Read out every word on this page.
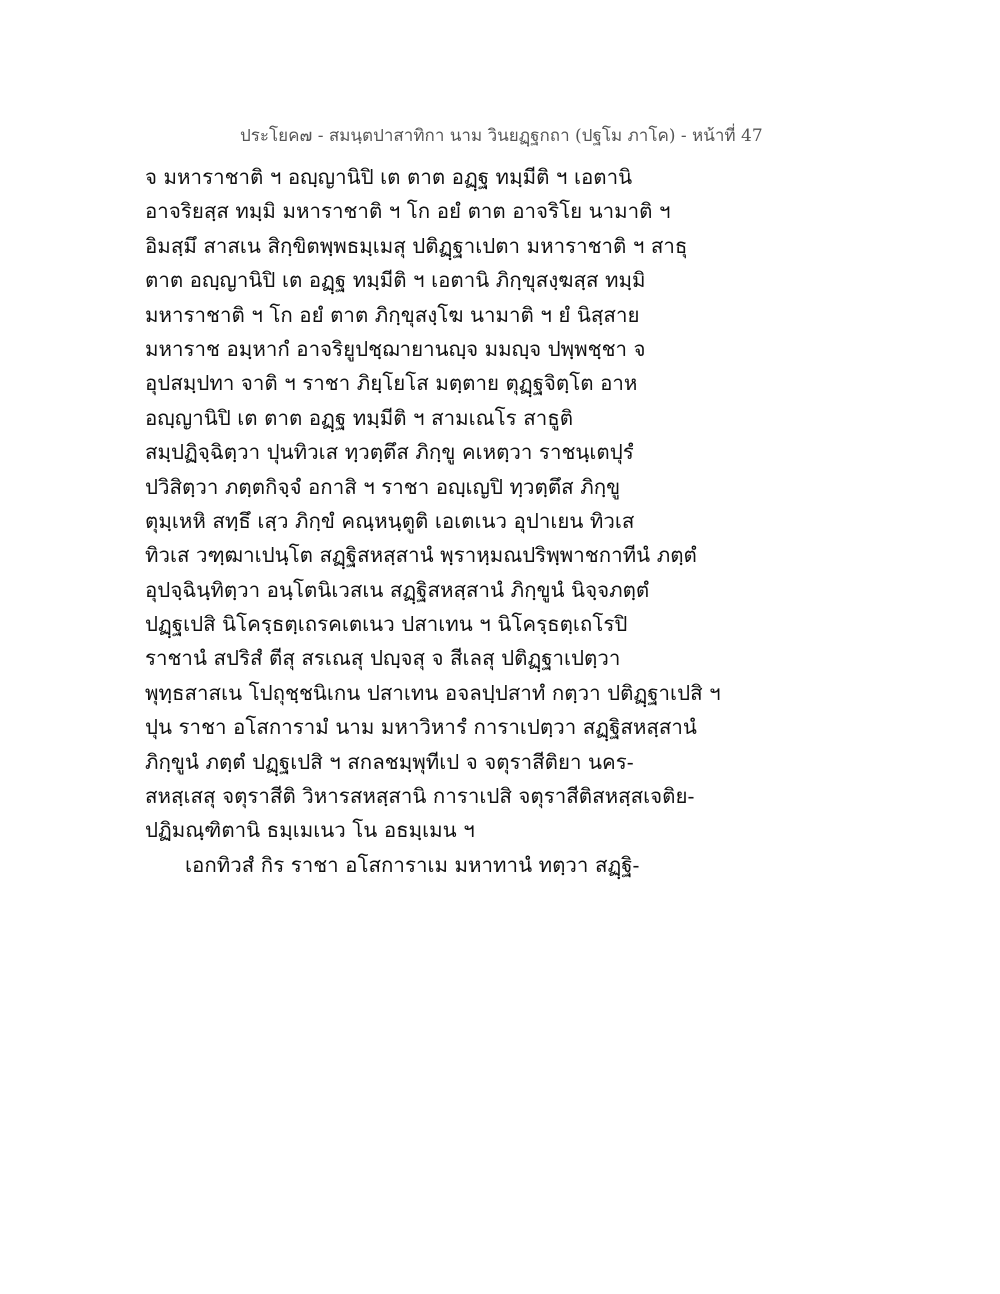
ประโยค๗ - สมนฺตปาสาทิกา นาม วินยฏฺฐกถา (ปฐโม ภาโค) - หน้าที่ 47
จ มหาราชาติ ฯ อญฺญานิปิ เต ตาต อฏฺฐ ทมฺมีติ ฯ เอตานิ
อาจริยสฺส ทมฺมิ มหาราชาติ ฯ โก อยํ ตาต อาจริโย นามาติ ฯ
อิมสฺมึ สาสเน สิกฺขิตพฺพธมฺเมสุ ปติฏฺฐาเปตา มหาราชาติ ฯ สาธุ
ตาต อญฺญานิปิ เต อฏฺฐ ทมฺมีติ ฯ เอตานิ ภิกฺขุสงฺฆสฺส ทมฺมิ
มหาราชาติ ฯ โก อยํ ตาต ภิกฺขุสงฺโฆ นามาติ ฯ ยํ นิสฺสาย
มหาราช อมฺหากํ อาจริยูปชฺฌายานญฺจ มมญฺจ ปพฺพชฺชา จ
อุปสมฺปทา จาติ ฯ ราชา ภิยฺโยโส มตฺตาย ตุฏฺฐจิตฺโต อาห
อญฺญานิปิ เต ตาต อฏฺฐ ทมฺมีติ ฯ สามเณโร สาธูติ
สมฺปฏิจฺฉิตฺวา ปุนทิวเส ทฺวตฺตึส ภิกฺขู คเหตฺวา ราชนฺเตปุรํ
ปวิสิตฺวา ภตฺตกิจฺจํ อกาสิ ฯ ราชา อญฺเญปิ ทฺวตฺตึส ภิกฺขู
ตุมฺเหหิ สทฺธึ เสฺว ภิกฺขํ คณฺหนฺตูติ เอเตเนว อุปาเยน ทิวเส
ทิวเส วฑฺฒาเปนฺโต สฏฺฐิสหสฺสานํ พฺราหฺมณปริพฺพาชกาทีนํ ภตฺตํ
อุปจฺฉินฺทิตฺวา อนฺโตนิเวสเน สฏฺฐิสหสฺสานํ ภิกฺขูนํ นิจฺจภตฺตํ
ปฏฺฐเปสิ นิโครฺธตฺเถรคเตเนว ปสาเทน ฯ นิโครฺธตฺเถโรปิ
ราชานํ สปริสํ ตีสุ สรเณสุ ปญฺจสุ จ สีเลสุ ปติฏฺฐาเปตฺวา
พุทฺธสาสเน โปถุชฺชนิเกน ปสาเทน อจลปฺปสาทํ กตฺวา ปติฏฺฐาเปสิ ฯ
ปุน ราชา อโสการามํ นาม มหาวิหารํ การาเปตฺวา สฏฺฐิสหสฺสานํ
ภิกฺขูนํ ภตฺตํ ปฏฺฐเปสิ ฯ สกลชมฺพุทีเป จ จตุราสีติยา นคร-
สหสฺเสสุ จตุราสีติ วิหารสหสฺสานิ การาเปสิ จตุราสีติสหสฺสเจติย-
ปฏิมณฺฑิตานิ ธมฺเมเนว โน อธมฺเมน ฯ
เอกทิวสํ กิร ราชา อโสการาเม มหาทานํ ทตฺวา สฏฺฐิ-
